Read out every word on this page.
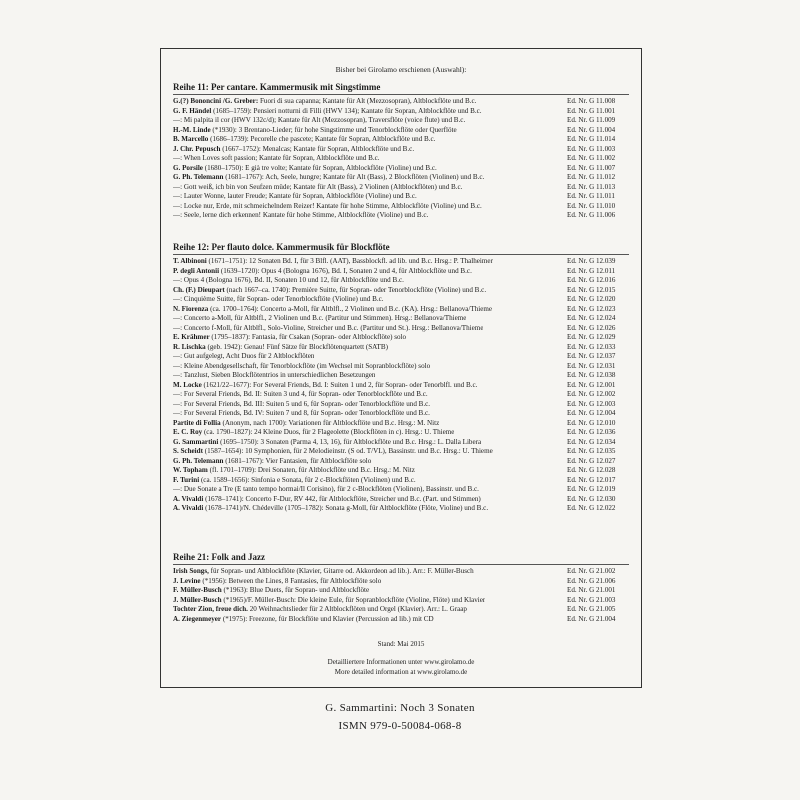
Bisher bei Girolamo erschienen (Auswahl):
Reihe 11: Per cantare. Kammermusik mit Singstimme
G.(?) Bononcini /G. Greber: Fuori di sua capanna; Kantate für Alt (Mezzosopran), Altblockflöte und B.c.	Ed. Nr. G 11.008
G. F. Händel (1685–1759): Pensieri notturni di Filli (HWV 134); Kantate für Sopran, Altblockflöte und B.c.	Ed. Nr. G 11.001
—: Mi palpita il cor (HWV 132c/d); Kantate für Alt (Mezzosopran), Traversflöte (voice flute) und B.c.	Ed. Nr. G 11.009
H.-M. Linde (*1930): 3 Brentano-Lieder; für hohe Singstimme und Tenorblockflöte oder Querflöte	Ed. Nr. G 11.004
B. Marcello (1686–1739): Pecorelle che pascete; Kantate für Sopran, Altblockflöte und B.c.	Ed. Nr. G 11.014
J. Chr. Pepusch (1667–1752): Menalcas; Kantate für Sopran, Altblockflöte und B.c.	Ed. Nr. G 11.003
—: When Loves soft passion; Kantate für Sopran, Altblockflöte und B.c.	Ed. Nr. G 11.002
G. Porsile (1680–1750): E già tre volte; Kantate für Sopran, Altblockflöte (Violine) und B.c.	Ed. Nr. G 11.007
G. Ph. Telemann (1681–1767): Ach, Seele, hungre; Kantate für Alt (Bass), 2 Blockflöten (Violinen) und B.c.	Ed. Nr. G 11.012
—: Gott weiß, ich bin von Seufzen müde; Kantate für Alt (Bass), 2 Violinen (Altblockflöten) und B.c.	Ed. Nr. G 11.013
—: Lauter Wonne, lauter Freude; Kantate für Sopran, Altblockflöte (Violine) und B.c.	Ed. Nr. G 11.011
—: Locke nur, Erde, mit schmeichelndem Reizer! Kantate für hohe Stimme, Altblockflöte (Violine) und B.c.	Ed. Nr. G 11.010
—: Seele, lerne dich erkennen! Kantate für hohe Stimme, Altblockflöte (Violine) und B.c.	Ed. Nr. G 11.006
Reihe 12: Per flauto dolce. Kammermusik für Blockflöte
T. Albinoni (1671–1751): 12 Sonaten Bd. I, für 3 Blfl. (AAT), Bassblockfl. ad lib. und B.c. Hrsg.: P. Thalheimer	Ed. Nr. G 12.039
P. degli Antonii (1639–1720): Opus 4 (Bologna 1676), Bd. I, Sonaten 2 und 4, für Altblockflöte und B.c.	Ed. Nr. G 12.011
—: Opus 4 (Bologna 1676), Bd. II, Sonaten 10 und 12, für Altblockflöte und B.c.	Ed. Nr. G 12.016
Ch. (F.) Dieupart (nach 1667–ca. 1740): Première Suitte, für Sopran- oder Tenorblockflöte (Violine) und B.c.	Ed. Nr. G 12.015
—: Cinquième Suitte, für Sopran- oder Tenorblockflöte (Violine) und B.c.	Ed. Nr. G 12.020
N. Fiorenza (ca. 1700–1764): Concerto a-Moll, für Altblfl., 2 Violinen und B.c. (KA). Hrsg.: Bellanova/Thieme	Ed. Nr. G 12.023
—: Concerto a-Moll, für Altblfl., 2 Violinen und B.c. (Partitur und Stimmen). Hrsg.: Bellanova/Thieme	Ed. Nr. G 12.024
—: Concerto f-Moll, für Altblfl., Solo-Violine, Streicher und B.c. (Partitur und St.). Hrsg.: Bellanova/Thieme	Ed. Nr. G 12.026
E. Krähmer (1795–1837): Fantasia, für Csakan (Sopran- oder Altblockflöte) solo	Ed. Nr. G 12.029
R. Lischka (geb. 1942): Genau! Fünf Sätze für Blockflötenquartett (SATB)	Ed. Nr. G 12.033
—: Gut aufgelegt, Acht Duos für 2 Altblockflöten	Ed. Nr. G 12.037
—: Kleine Abendgesellschaft, für Tenorblockflöte (im Wechsel mit Sopranblockflöte) solo	Ed. Nr. G 12.031
—: Tanzlust, Sieben Blockflötentrios in unterschiedlichen Besetzungen	Ed. Nr. G 12.038
M. Locke (1621/22–1677): For Several Friends, Bd. I: Suiten 1 und 2, für Sopran- oder Tenorblfl. und B.c.	Ed. Nr. G 12.001
—: For Several Friends, Bd. II: Suiten 3 und 4, für Sopran- oder Tenorblockflöte und B.c.	Ed. Nr. G 12.002
—: For Several Friends, Bd. III: Suiten 5 und 6, für Sopran- oder Tenorblockflöte und B.c.	Ed. Nr. G 12.003
—: For Several Friends, Bd. IV: Suiten 7 und 8, für Sopran- oder Tenorblockflöte und B.c.	Ed. Nr. G 12.004
Partite di Follia (Anonym, nach 1700): Variationen für Altblockflöte und B.c. Hrsg.: M. Nitz	Ed. Nr. G 12.010
E. C. Roy (ca. 1790–1827): 24 Kleine Duos, für 2 Flageolette (Blockflöten in c). Hrsg.: U. Thieme	Ed. Nr. G 12.036
G. Sammartini (1695–1750): 3 Sonaten (Parma 4, 13, 16), für Altblockflöte und B.c. Hrsg.: L. Dalla Libera	Ed. Nr. G 12.034
S. Scheidt (1587–1654): 10 Symphonien, für 2 Melodieinstr. (S od. T/VL), Bassinstr. und B.c. Hrsg.: U. Thieme	Ed. Nr. G 12.035
G. Ph. Telemann (1681–1767): Vier Fantasien, für Altblockflöte solo	Ed. Nr. G 12.027
W. Topham (fl. 1701–1709): Drei Sonaten, für Altblockflöte und B.c. Hrsg.: M. Nitz	Ed. Nr. G 12.028
F. Turini (ca. 1589–1656): Sinfonia e Sonata, für 2 c-Blockflöten (Violinen) und B.c.	Ed. Nr. G 12.017
—: Due Sonate a Tre (E tanto tempo hormai/Il Corisino), für 2 c-Blockflöten (Violinen), Bassinstr. und B.c.	Ed. Nr. G 12.019
A. Vivaldi (1678–1741): Concerto F-Dur, RV 442, für Altblockflöte, Streicher und B.c. (Part. und Stimmen)	Ed. Nr. G 12.030
A. Vivaldi (1678–1741)/N. Chédeville (1705–1782): Sonata g-Moll, für Altblockflöte (Flöte, Violine) und B.c.	Ed. Nr. G 12.022
Reihe 21: Folk and Jazz
Irish Songs, für Sopran- und Altblockflöte (Klavier, Gitarre od. Akkordeon ad lib.). Arr.: F. Müller-Busch	Ed. Nr. G 21.002
J. Levine (*1956): Between the Lines, 8 Fantasies, für Altblockflöte solo	Ed. Nr. G 21.006
F. Müller-Busch (*1963): Blue Duets, für Sopran- und Altblockflöte	Ed. Nr. G 21.001
J. Müller-Busch (*1965)/F. Müller-Busch: Die kleine Eule, für Sopranblockflöte (Violine, Flöte) und Klavier	Ed. Nr. G 21.003
Tochter Zion, freue dich. 20 Weihnachtslieder für 2 Altblockflöten und Orgel (Klavier). Arr.: L. Graap	Ed. Nr. G 21.005
A. Ziegenmeyer (*1975): Freezone, für Blockflöte und Klavier (Percussion ad lib.) mit CD	Ed. Nr. G 21.004
Stand: Mai 2015
Detailliertere Informationen unter www.girolamo.de
More detailed information at www.girolamo.de
G. Sammartini: Noch 3 Sonaten
ISMN 979-0-50084-068-8
